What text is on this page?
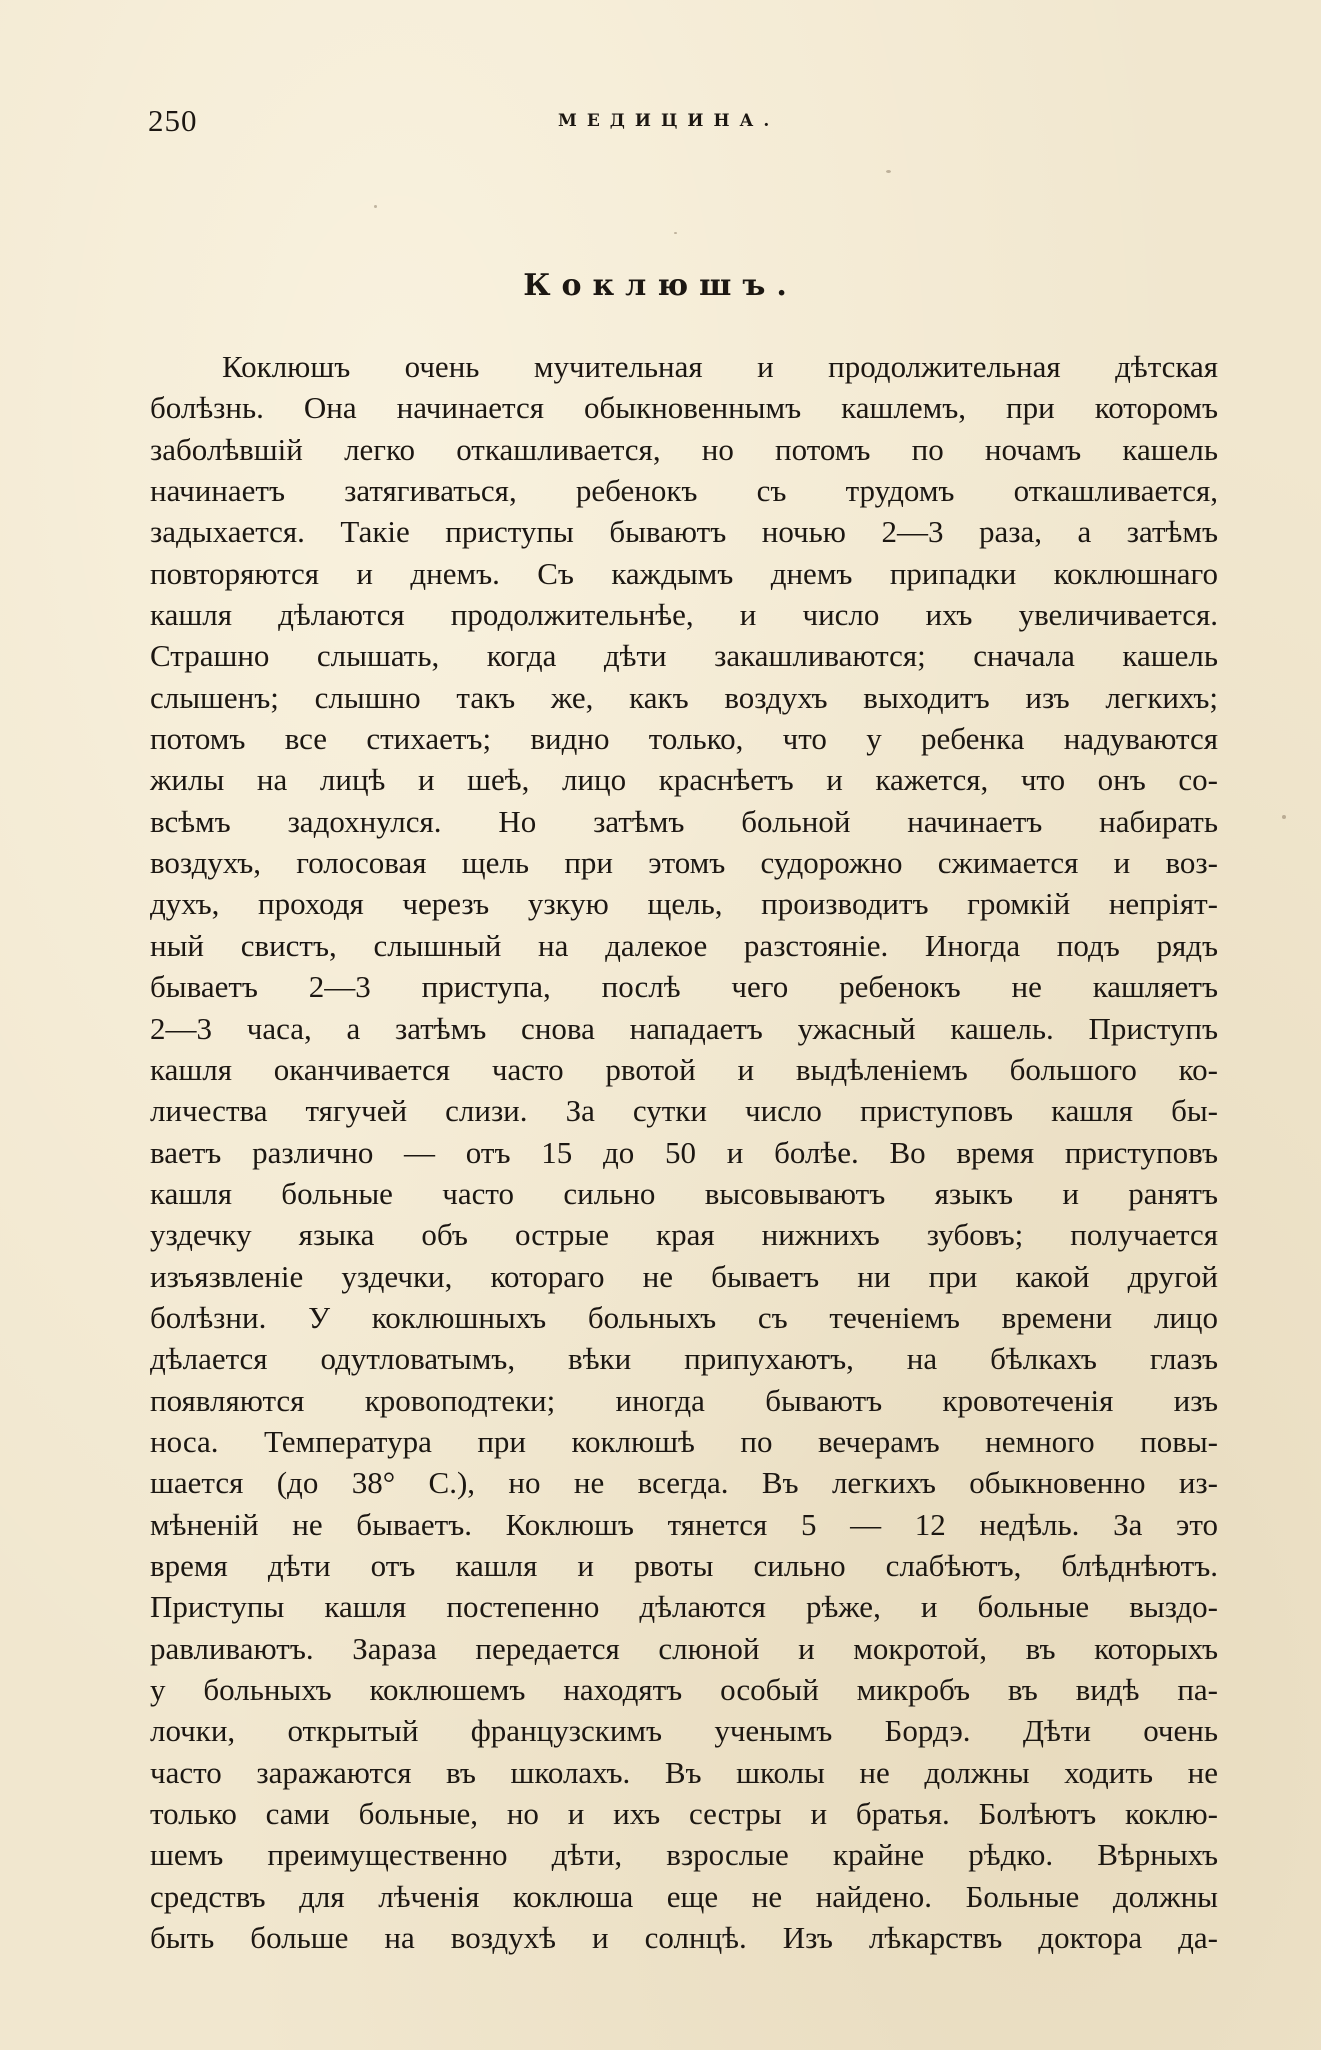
250	МЕДИЦИНА.
Коклюшъ.
Коклюшъ очень мучительная и продолжительная дѣтская
болѣзнь. Она начинается обыкновеннымъ кашлемъ, при которомъ
заболѣвшій легко откашливается, но потомъ по ночамъ кашель
начинаетъ затягиваться, ребенокъ съ трудомъ откашливается,
задыхается. Такіе приступы бываютъ ночью 2—3 раза, а затѣмъ
повторяются и днемъ. Съ каждымъ днемъ припадки коклюшнаго
кашля дѣлаются продолжительнѣе, и число ихъ увеличивается.
Страшно слышать, когда дѣти закашливаются; сначала кашель
слышенъ; слышно такъ же, какъ воздухъ выходитъ изъ легкихъ;
потомъ все стихаетъ; видно только, что у ребенка надуваются
жилы на лицѣ и шеѣ, лицо краснѣетъ и кажется, что онъ со-
всѣмъ задохнулся. Но затѣмъ больной начинаетъ набирать
воздухъ, голосовая щель при этомъ судорожно сжимается и воз-
духъ, проходя черезъ узкую щель, производитъ громкій непріят-
ный свистъ, слышный на далекое разстояніе. Иногда подъ рядъ
бываетъ 2—3 приступа, послѣ чего ребенокъ не кашляетъ
2—3 часа, а затѣмъ снова нападаетъ ужасный кашель. Приступъ
кашля оканчивается часто рвотой и выдѣленіемъ большого ко-
личества тягучей слизи. За сутки число приступовъ кашля бы-
ваетъ различно — отъ 15 до 50 и болѣе. Во время приступовъ
кашля больные часто сильно высовываютъ языкъ и ранятъ
уздечку языка объ острые края нижнихъ зубовъ; получается
изъязвленіе уздечки, котораго не бываетъ ни при какой другой
болѣзни. У коклюшныхъ больныхъ съ теченіемъ времени лицо
дѣлается одутловатымъ, вѣки припухаютъ, на бѣлкахъ глазъ
появляются кровоподтеки; иногда бываютъ кровотеченія изъ
носа. Температура при коклюшѣ по вечерамъ немного повы-
шается (до 38° С.), но не всегда. Въ легкихъ обыкновенно из-
мѣненій не бываетъ. Коклюшъ тянется 5 — 12 недѣль. За это
время дѣти отъ кашля и рвоты сильно слабѣютъ, блѣднѣютъ.
Приступы кашля постепенно дѣлаются рѣже, и больные выздо-
равливаютъ. Зараза передается слюной и мокротой, въ которыхъ
у больныхъ коклюшемъ находятъ особый микробъ въ видѣ па-
лочки, открытый французскимъ ученымъ Бордэ. Дѣти очень
часто заражаются въ школахъ. Въ школы не должны ходить не
только сами больные, но и ихъ сестры и братья. Болѣютъ коклю-
шемъ преимущественно дѣти, взрослые крайне рѣдко. Вѣрныхъ
средствъ для лѣченія коклюша еще не найдено. Больные должны
быть больше на воздухѣ и солнцѣ. Изъ лѣкарствъ доктора да-
